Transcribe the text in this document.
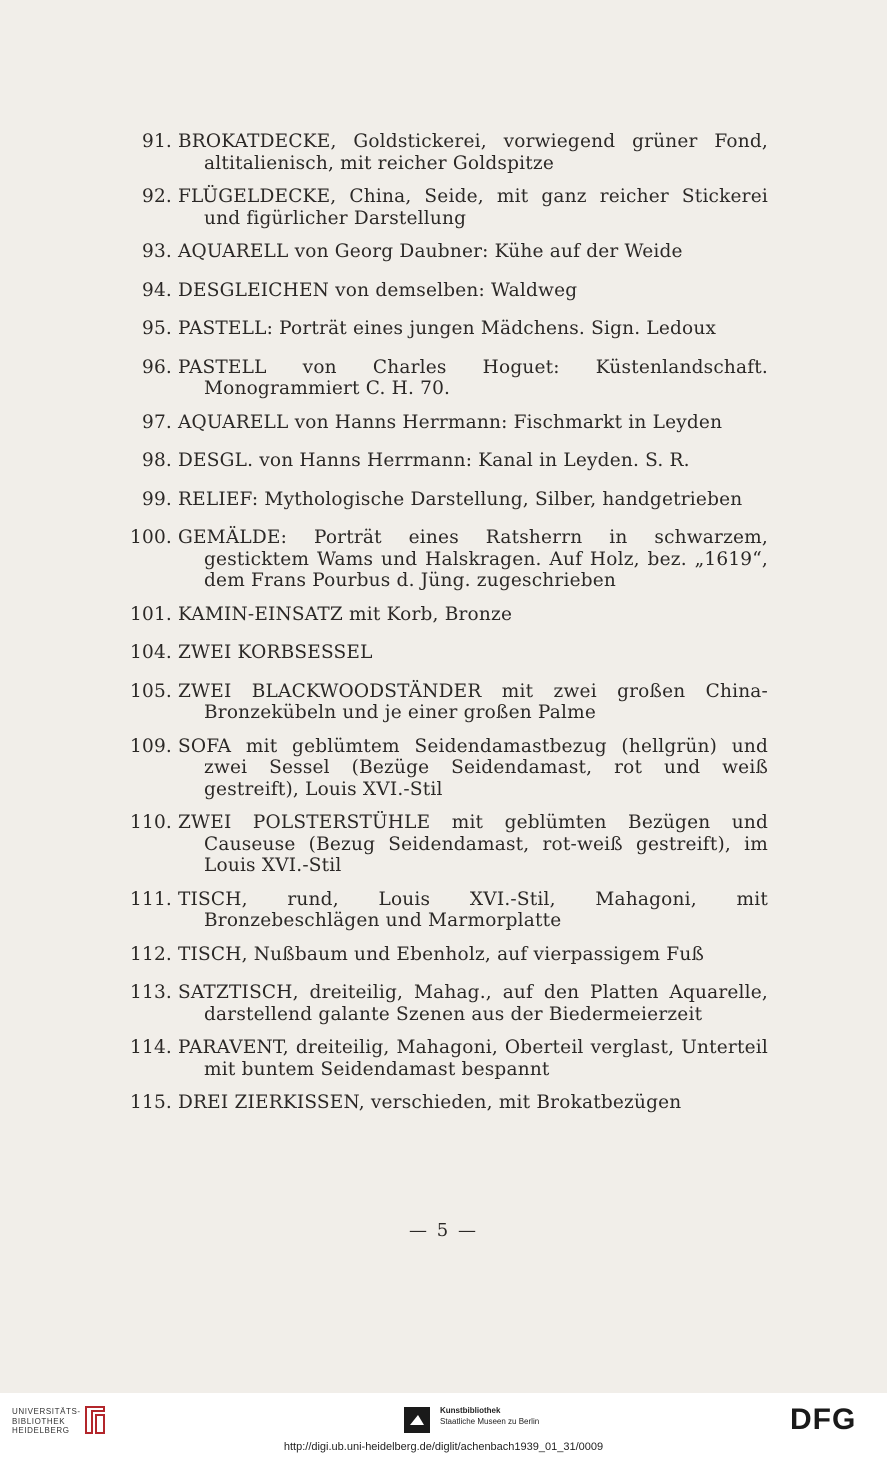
91. BROKATDECKE, Goldstickerei, vorwiegend grüner Fond, altitalienisch, mit reicher Goldspitze
92. FLÜGELDECKE, China, Seide, mit ganz reicher Stickerei und figürlicher Darstellung
93. AQUARELL von Georg Daubner: Kühe auf der Weide
94. DESGLEICHEN von demselben: Waldweg
95. PASTELL: Porträt eines jungen Mädchens. Sign. Ledoux
96. PASTELL von Charles Hoguet: Küstenlandschaft. Monogrammiert C. H. 70.
97. AQUARELL von Hanns Herrmann: Fischmarkt in Leyden
98. DESGL. von Hanns Herrmann: Kanal in Leyden. S. R.
99. RELIEF: Mythologische Darstellung, Silber, handgetrieben
100. GEMÄLDE: Porträt eines Ratsherrn in schwarzem, gesticktem Wams und Halskragen. Auf Holz, bez. „1619“, dem Frans Pourbus d. Jüng. zugeschrieben
101. KAMIN-EINSATZ mit Korb, Bronze
104. ZWEI KORBSESSEL
105. ZWEI BLACKWOODSTÄNDER mit zwei großen China-Bronzekübeln und je einer großen Palme
109. SOFA mit geblümtem Seidendamastbezug (hellgrün) und zwei Sessel (Bezüge Seidendamast, rot und weiß gestreift), Louis XVI.-Stil
110. ZWEI POLSTERSTÜHLE mit geblümten Bezügen und Causeuse (Bezug Seidendamast, rot-weiß gestreift), im Louis XVI.-Stil
111. TISCH, rund, Louis XVI.-Stil, Mahagoni, mit Bronzebeschlägen und Marmorplatte
112. TISCH, Nußbaum und Ebenholz, auf vierpassigem Fuß
113. SATZTISCH, dreiteilig, Mahag., auf den Platten Aquarelle, darstellend galante Szenen aus der Biedermeierzeit
114. PARAVENT, dreiteilig, Mahagoni, Oberteil verglast, Unterteil mit buntem Seidendamast bespannt
115. DREI ZIERKISSEN, verschieden, mit Brokatbezügen
— 5 —
UNIVERSITÄTS-
BIBLIOTHEK
HEIDELBERG
Kunstbibliothek
Staatliche Museen zu Berlin	DFG
http://digi.ub.uni-heidelberg.de/diglit/achenbach1939_01_31/0009
